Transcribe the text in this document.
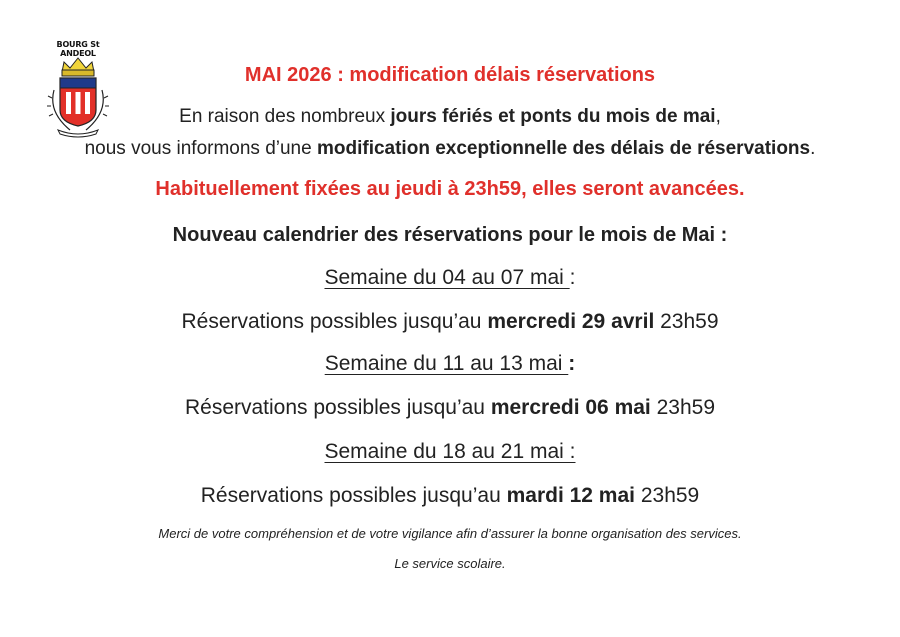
BOURG St ANDEOL
MAI 2026 : modification délais réservations
En raison des nombreux jours fériés et ponts du mois de mai,
nous vous informons d’une modification exceptionnelle des délais de réservations.
Habituellement fixées au jeudi à 23h59, elles seront avancées.
Nouveau calendrier des réservations pour le mois de Mai :
Semaine du 04 au 07 mai :
Réservations possibles jusqu’au mercredi 29 avril 23h59
Semaine du 11 au 13 mai :
Réservations possibles jusqu’au mercredi 06 mai 23h59
Semaine du 18 au 21 mai :
Réservations possibles jusqu’au mardi 12 mai 23h59
Merci de votre compréhension et de votre vigilance afin d’assurer la bonne organisation des services.
Le service scolaire.
